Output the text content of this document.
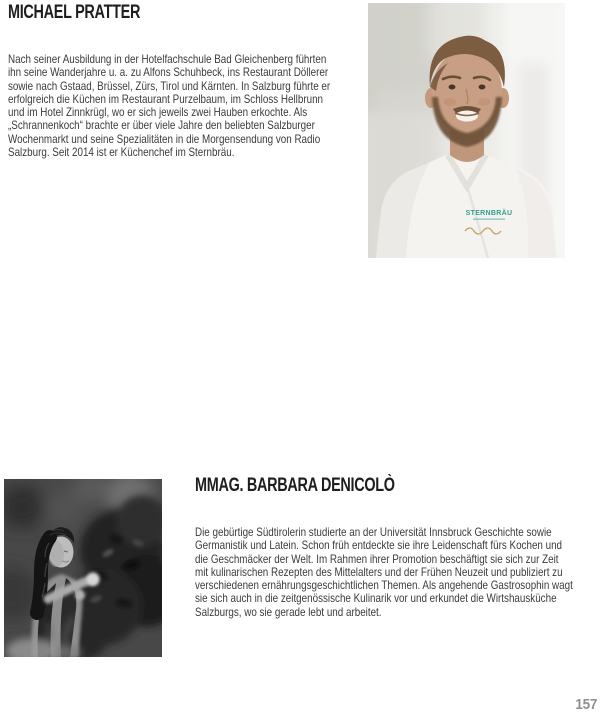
MICHAEL PRATTER
Nach seiner Ausbildung in der Hotelfachschule Bad Gleichenberg führten
ihn seine Wanderjahre u. a. zu Alfons Schuhbeck, ins Restaurant Döllerer
sowie nach Gstaad, Brüssel, Zürs, Tirol und Kärnten. In Salzburg führte er
erfolgreich die Küchen im Restaurant Purzelbaum, im Schloss Hellbrunn
und im Hotel Zinnkrügl, wo er sich jeweils zwei Hauben erkochte. Als
„Schrannenkoch“ brachte er über viele Jahre den beliebten Salzburger
Wochenmarkt und seine Spezialitäten in die Morgensendung von Radio
Salzburg. Seit 2014 ist er Küchenchef im Sternbräu.
STERNBRÄU
MMAG. BARBARA DENICOLÒ
Die gebürtige Südtirolerin studierte an der Universität Innsbruck Geschichte sowie
Germanistik und Latein. Schon früh entdeckte sie ihre Leidenschaft fürs Kochen und
die Geschmäcker der Welt. Im Rahmen ihrer Promotion beschäftigt sie sich zur Zeit
mit kulinarischen Rezepten des Mittelalters und der Frühen Neuzeit und publiziert zu
verschiedenen ernährungsgeschichtlichen Themen. Als angehende Gastrosophin wagt
sie sich auch in die zeitgenössische Kulinarik vor und erkundet die Wirtshausküche
Salzburgs, wo sie gerade lebt und arbeitet.
157
